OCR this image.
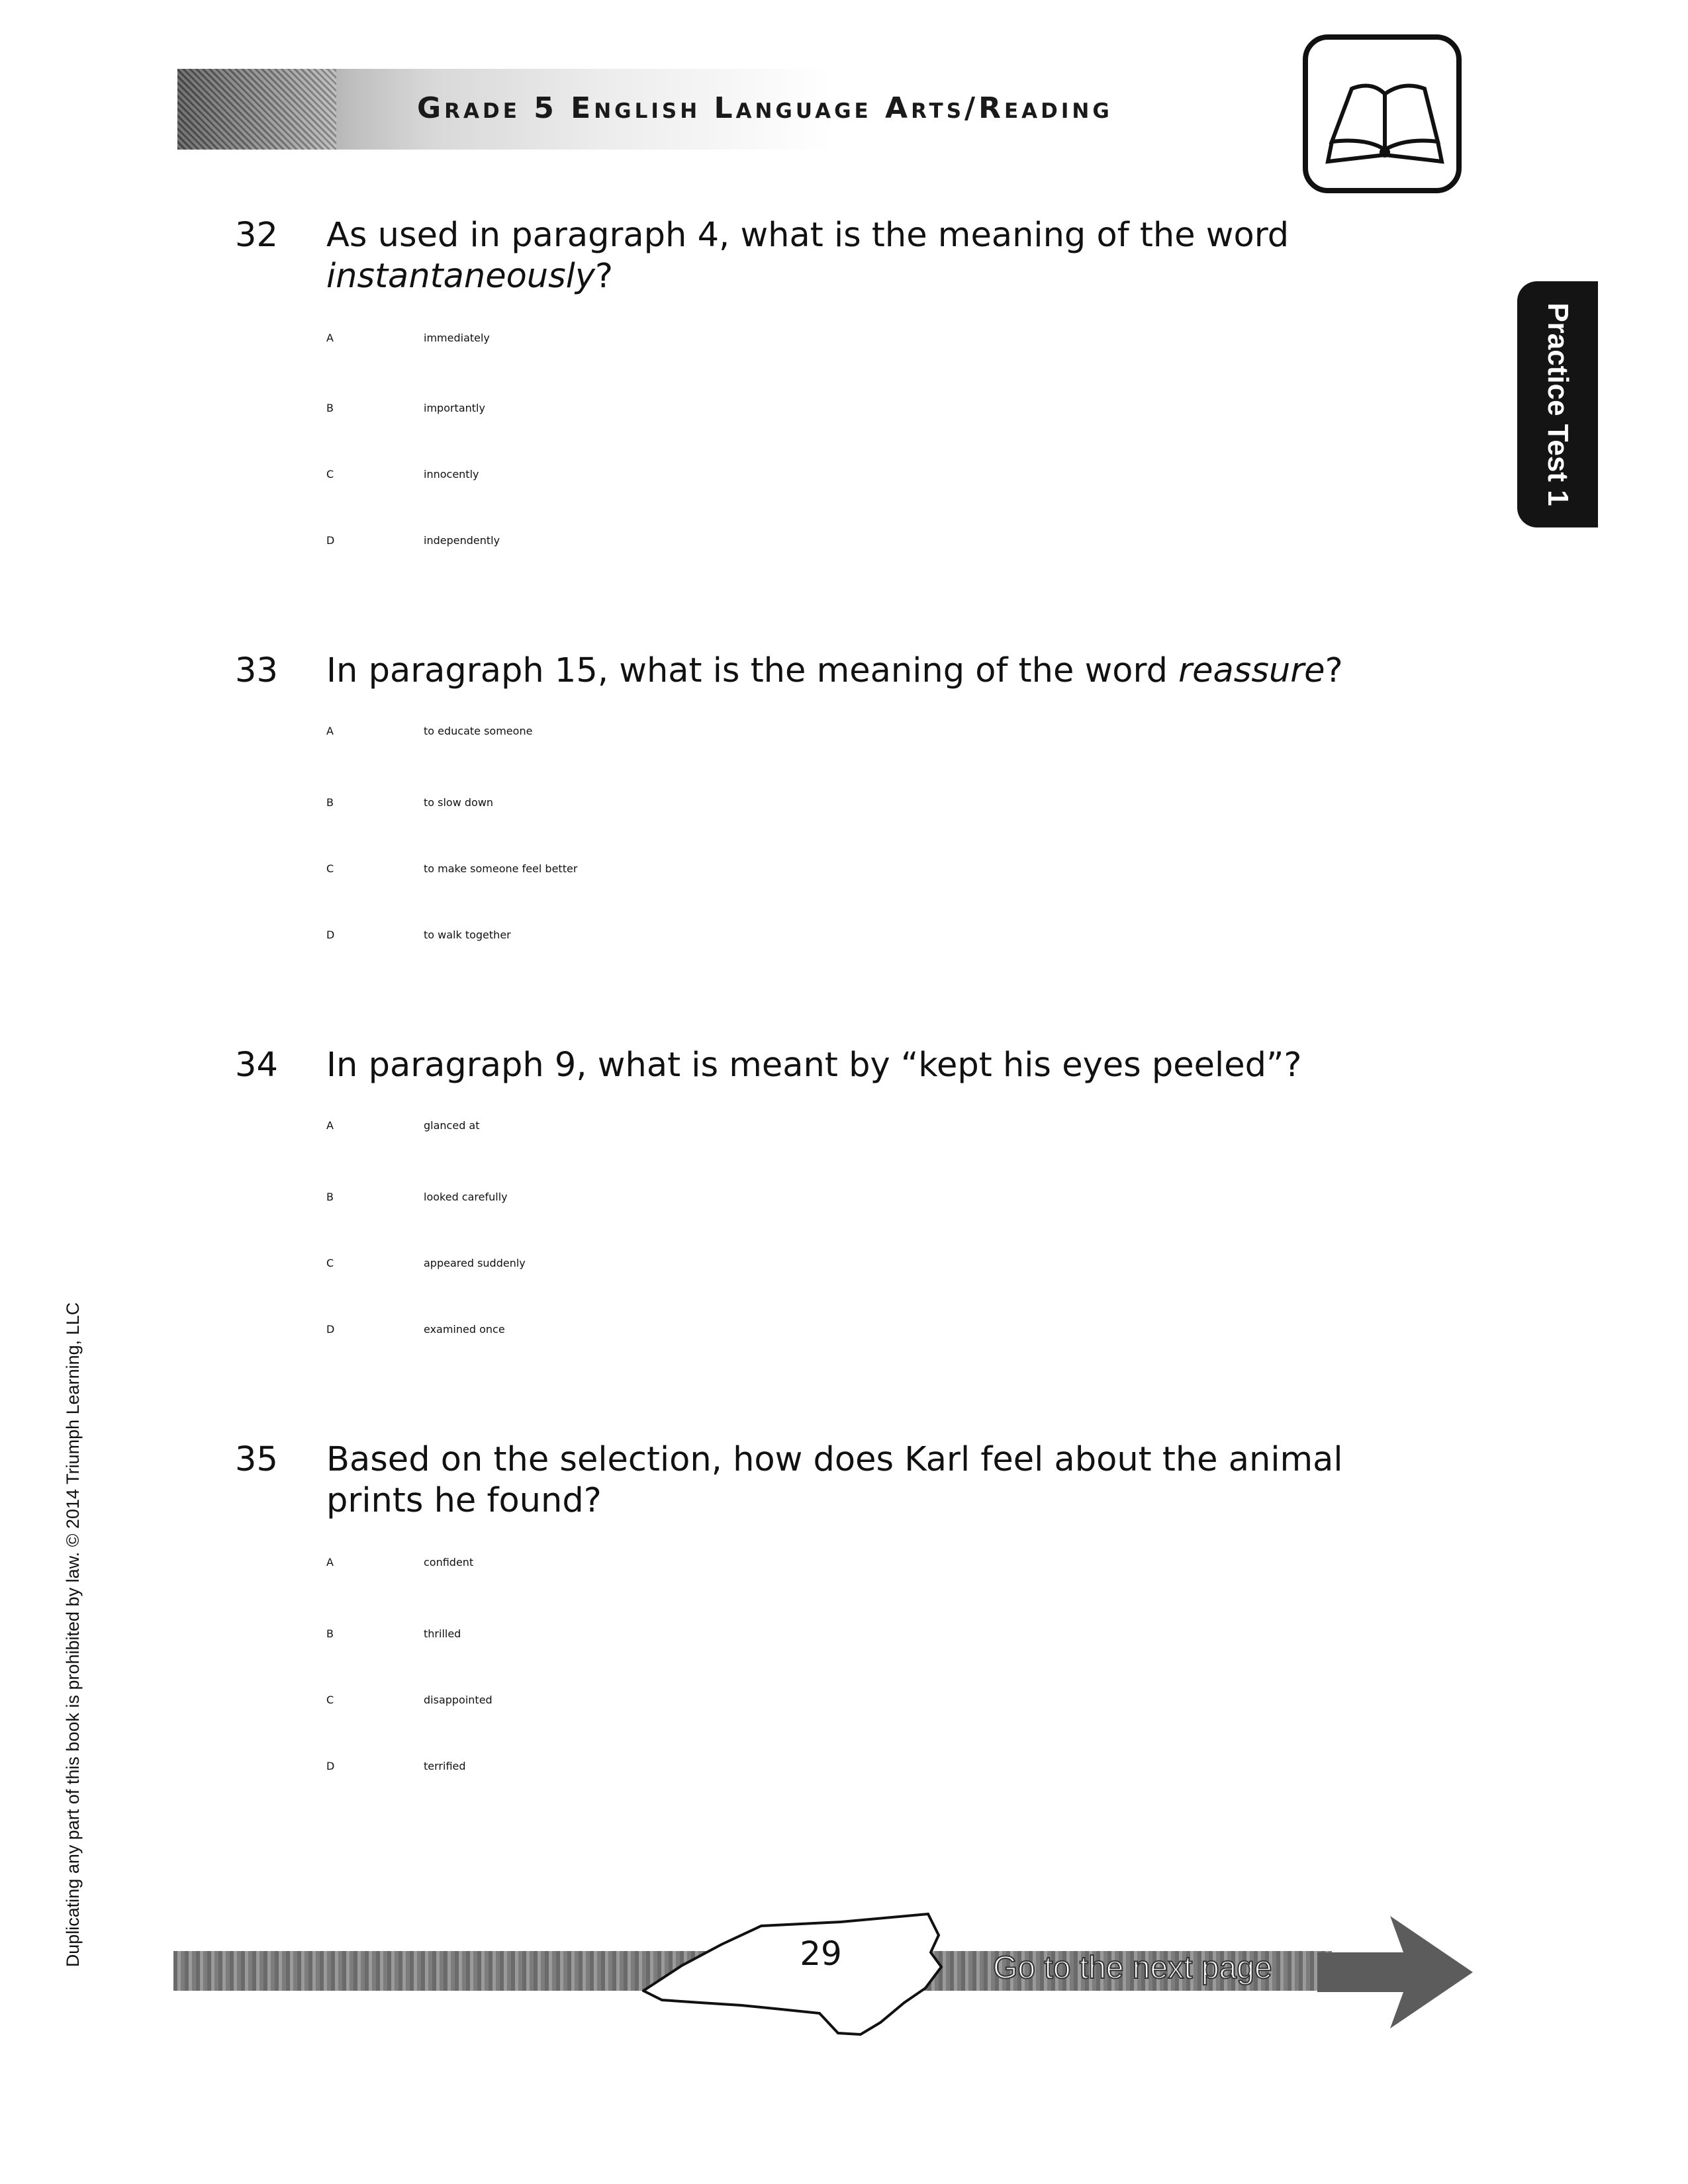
Grade 5 English Language Arts/Reading
Practice Test 1
32 As used in paragraph 4, what is the meaning of the word instantaneously?
A	immediately
B	importantly
C	innocently
D	independently
33 In paragraph 15, what is the meaning of the word reassure?
A	to educate someone
B	to slow down
C	to make someone feel better
D	to walk together
34 In paragraph 9, what is meant by “kept his eyes peeled”?
A	glanced at
B	looked carefully
C	appeared suddenly
D	examined once
35 Based on the selection, how does Karl feel about the animal prints he found?
A	confident
B	thrilled
C	disappointed
D	terrified
29	Go to the next page
Duplicating any part of this book is prohibited by law. © 2014 Triumph Learning, LLC
